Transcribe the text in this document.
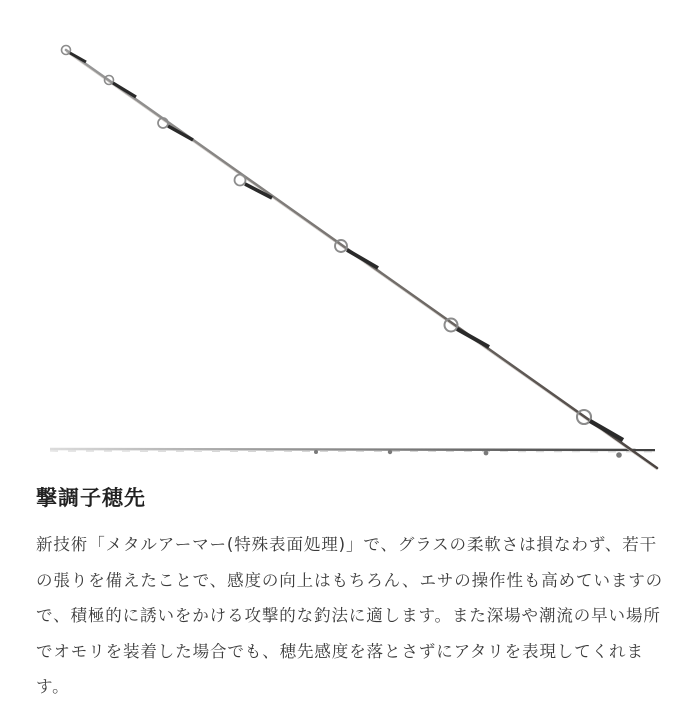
撃調子穂先

新技術「メタルアーマー(特殊表面処理)」で、グラスの柔軟さは損なわず、若干の張りを備えたことで、感度の向上はもちろん、エサの操作性も高めていますので、積極的に誘いをかける攻撃的な釣法に適します。また深場や潮流の早い場所でオモリを装着した場合でも、穂先感度を落とさずにアタリを表現してくれます。
